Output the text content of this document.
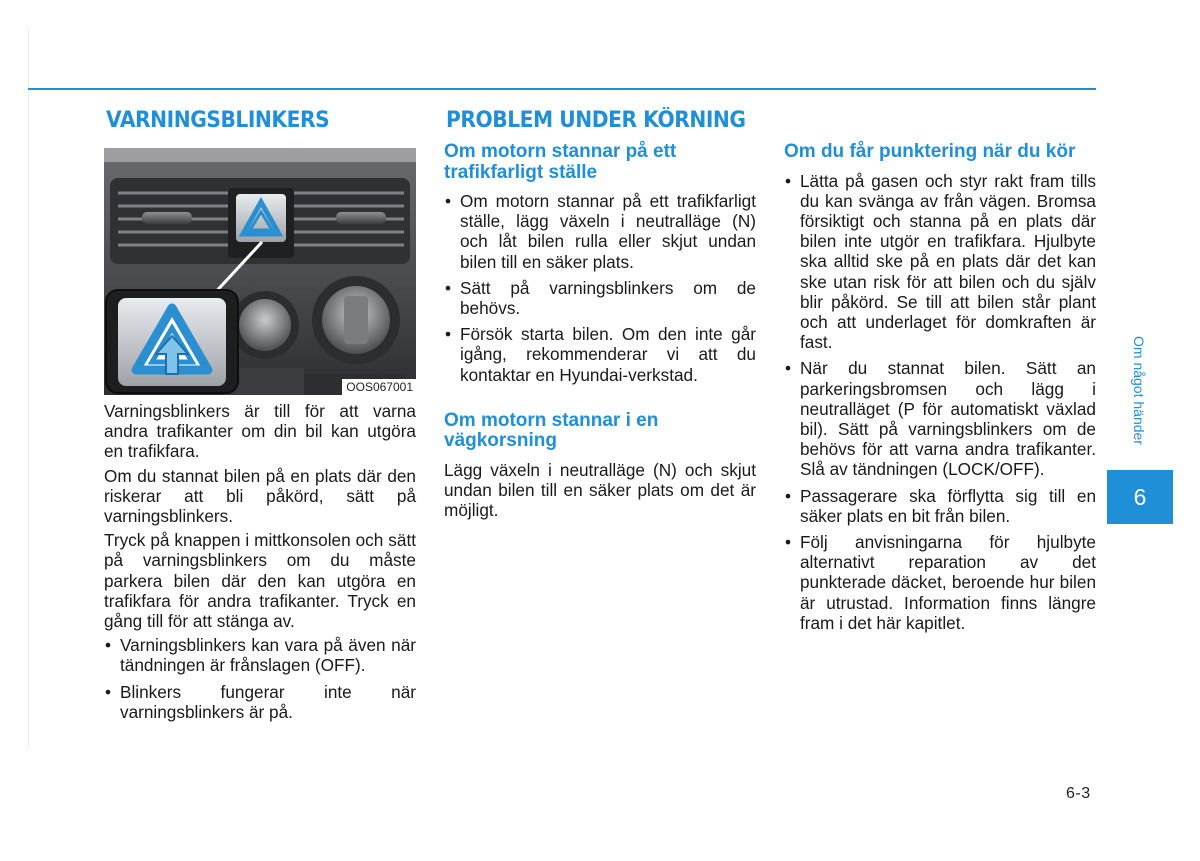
VARNINGSBLINKERS	PROBLEM UNDER KÖRNING
OOS067001

Varningsblinkers är till för att varna andra trafikanter om din bil kan utgöra en trafikfara.

Om du stannat bilen på en plats där den riskerar att bli påkörd, sätt på varningsblinkers.

Tryck på knappen i mittkonsolen och sätt på varningsblinkers om du måste parkera bilen där den kan utgöra en trafikfara för andra trafikanter. Tryck en gång till för att stänga av.

• Varningsblinkers kan vara på även när tändningen är frånslagen (OFF).
• Blinkers fungerar inte när varningsblinkers är på.
Om motorn stannar på ett trafikfarligt ställe
• Om motorn stannar på ett trafikfarligt ställe, lägg växeln i neutralläge (N) och låt bilen rulla eller skjut undan bilen till en säker plats.
• Sätt på varningsblinkers om de behövs.
• Försök starta bilen. Om den inte går igång, rekommenderar vi att du kontaktar en Hyundai-verkstad.
Om motorn stannar i en vägkorsning

Lägg växeln i neutralläge (N) och skjut undan bilen till en säker plats om det är möjligt.

Om du får punktering när du kör
• Lätta på gasen och styr rakt fram tills du kan svänga av från vägen. Bromsa försiktigt och stanna på en plats där bilen inte utgör en trafikfara. Hjulbyte ska alltid ske på en plats där det kan ske utan risk för att bilen och du själv blir påkörd. Se till att bilen står plant och att underlaget för domkraften är fast.
• När du stannat bilen. Sätt an parkeringsbromsen och lägg i neutralläget (P för automatiskt växlad bil). Sätt på varningsblinkers om de behövs för att varna andra trafikanter. Slå av tändningen (LOCK/OFF).
• Passagerare ska förflytta sig till en säker plats en bit från bilen.
• Följ anvisningarna för hjulbyte alternativt reparation av det punkterade däcket, beroende hur bilen är utrustad. Information finns längre fram i det här kapitlet.
Om något händer
6
6-3
